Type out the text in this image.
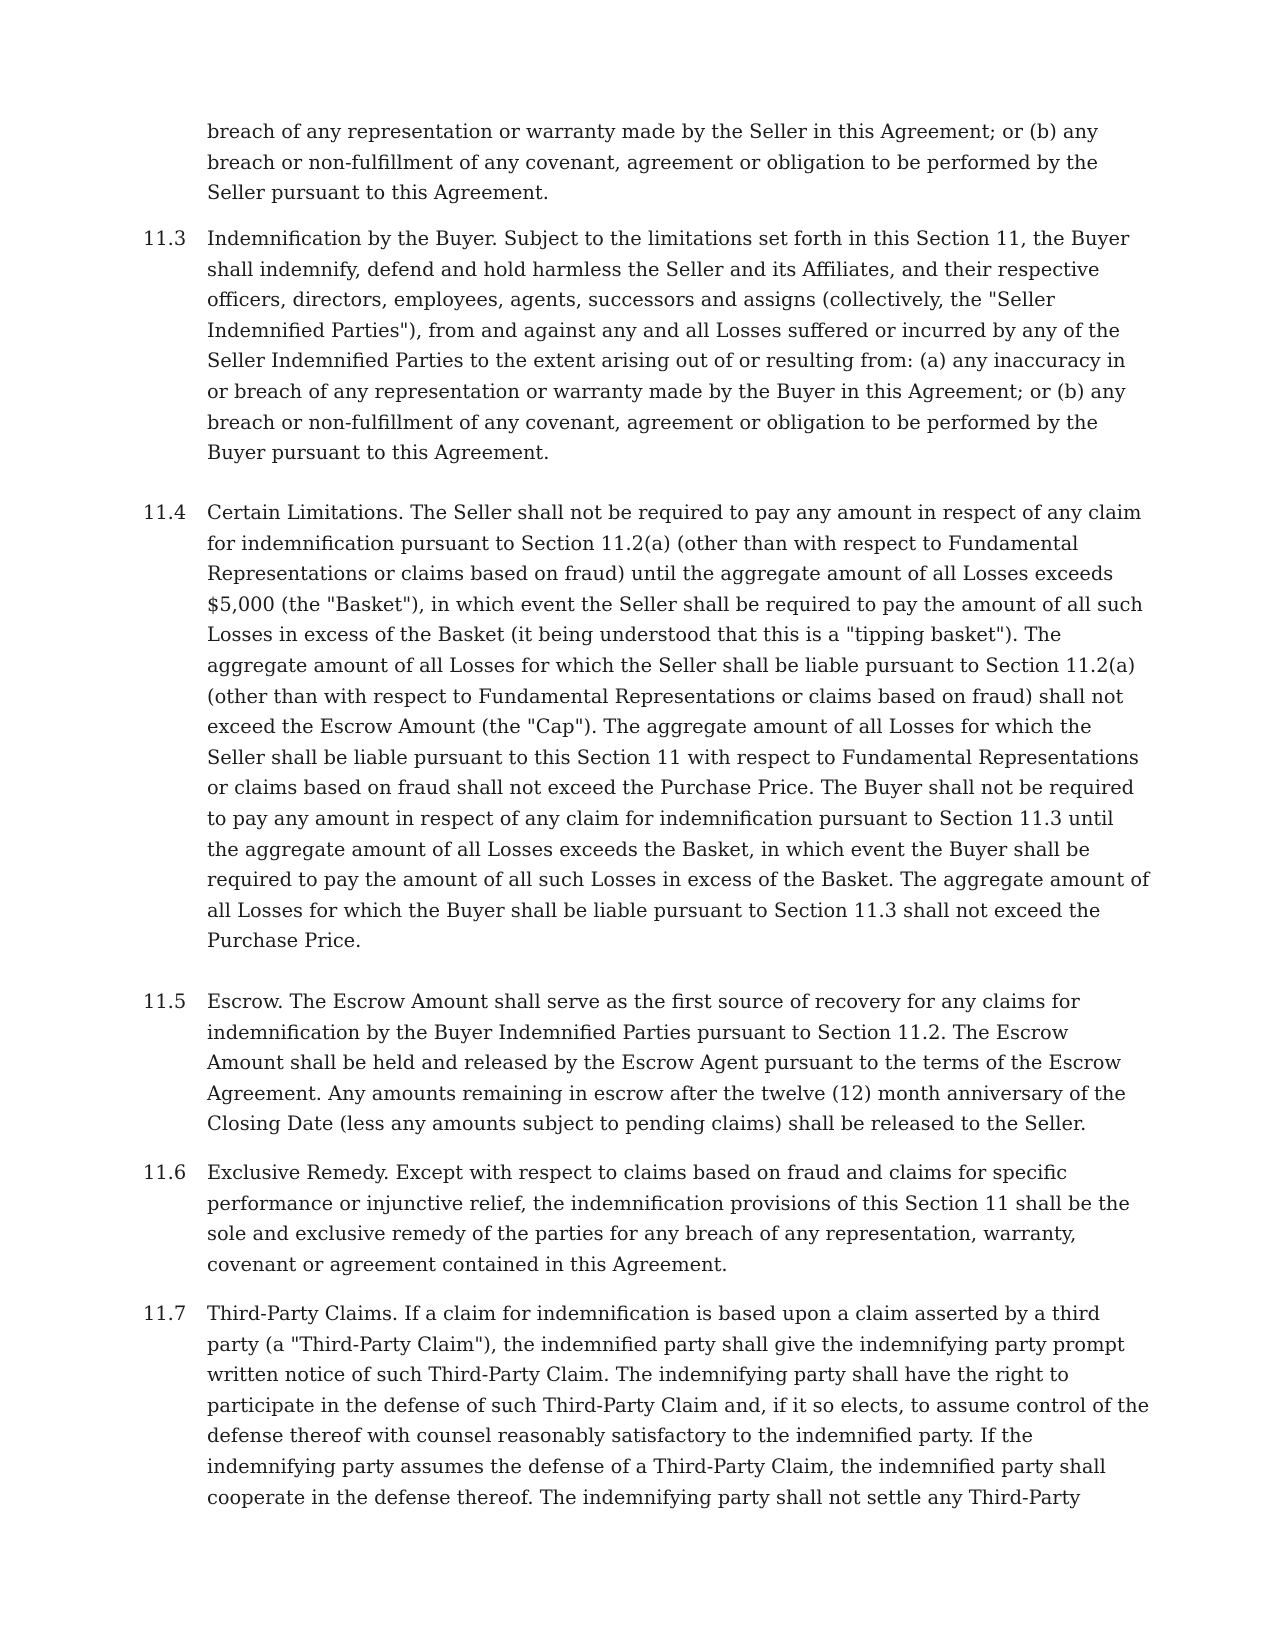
breach of any representation or warranty made by the Seller in this Agreement; or (b) any
breach or non-fulfillment of any covenant, agreement or obligation to be performed by the
Seller pursuant to this Agreement.
11.3 Indemnification by the Buyer. Subject to the limitations set forth in this Section 11, the Buyer
shall indemnify, defend and hold harmless the Seller and its Affiliates, and their respective
officers, directors, employees, agents, successors and assigns (collectively, the "Seller
Indemnified Parties"), from and against any and all Losses suffered or incurred by any of the
Seller Indemnified Parties to the extent arising out of or resulting from: (a) any inaccuracy in
or breach of any representation or warranty made by the Buyer in this Agreement; or (b) any
breach or non-fulfillment of any covenant, agreement or obligation to be performed by the
Buyer pursuant to this Agreement.
11.4 Certain Limitations. The Seller shall not be required to pay any amount in respect of any claim
for indemnification pursuant to Section 11.2(a) (other than with respect to Fundamental
Representations or claims based on fraud) until the aggregate amount of all Losses exceeds
$5,000 (the "Basket"), in which event the Seller shall be required to pay the amount of all such
Losses in excess of the Basket (it being understood that this is a "tipping basket"). The
aggregate amount of all Losses for which the Seller shall be liable pursuant to Section 11.2(a)
(other than with respect to Fundamental Representations or claims based on fraud) shall not
exceed the Escrow Amount (the "Cap"). The aggregate amount of all Losses for which the
Seller shall be liable pursuant to this Section 11 with respect to Fundamental Representations
or claims based on fraud shall not exceed the Purchase Price. The Buyer shall not be required
to pay any amount in respect of any claim for indemnification pursuant to Section 11.3 until
the aggregate amount of all Losses exceeds the Basket, in which event the Buyer shall be
required to pay the amount of all such Losses in excess of the Basket. The aggregate amount of
all Losses for which the Buyer shall be liable pursuant to Section 11.3 shall not exceed the
Purchase Price.
11.5 Escrow. The Escrow Amount shall serve as the first source of recovery for any claims for
indemnification by the Buyer Indemnified Parties pursuant to Section 11.2. The Escrow
Amount shall be held and released by the Escrow Agent pursuant to the terms of the Escrow
Agreement. Any amounts remaining in escrow after the twelve (12) month anniversary of the
Closing Date (less any amounts subject to pending claims) shall be released to the Seller.
11.6 Exclusive Remedy. Except with respect to claims based on fraud and claims for specific
performance or injunctive relief, the indemnification provisions of this Section 11 shall be the
sole and exclusive remedy of the parties for any breach of any representation, warranty,
covenant or agreement contained in this Agreement.
11.7 Third-Party Claims. If a claim for indemnification is based upon a claim asserted by a third
party (a "Third-Party Claim"), the indemnified party shall give the indemnifying party prompt
written notice of such Third-Party Claim. The indemnifying party shall have the right to
participate in the defense of such Third-Party Claim and, if it so elects, to assume control of the
defense thereof with counsel reasonably satisfactory to the indemnified party. If the
indemnifying party assumes the defense of a Third-Party Claim, the indemnified party shall
cooperate in the defense thereof. The indemnifying party shall not settle any Third-Party
